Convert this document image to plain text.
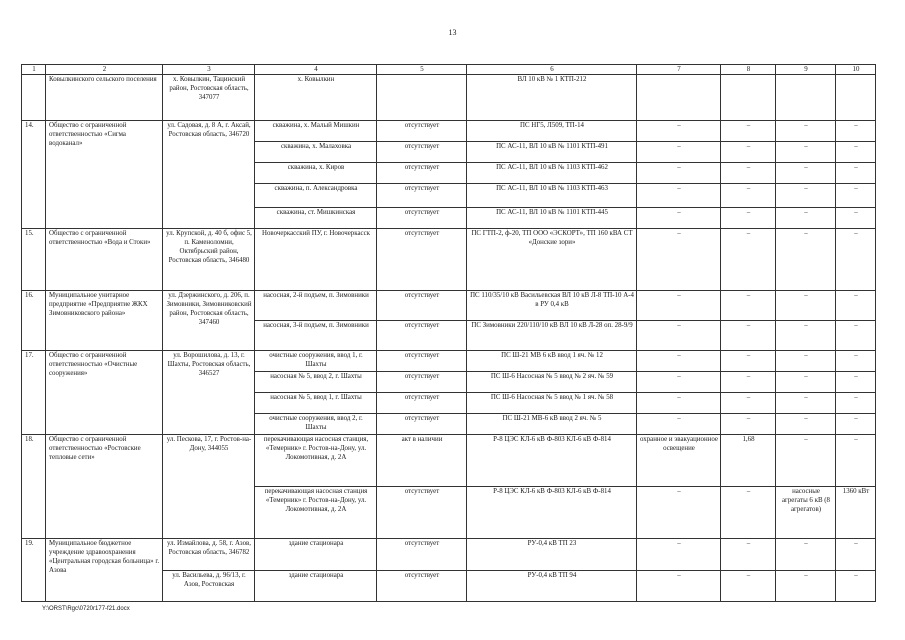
13
1	2	3	4	5	6	7	8	9	10
	Ковылкинского сельского поселения	х. Ковылкин, Тацинский район, Ростовская область, 347077	х. Ковылкин		ВЛ 10 кВ № 1 КТП-212				
14.	Общество с ограниченной ответственностью «Сигма водоканал»	ул. Садовая, д. 8 А, г. Аксай, Ростовская область, 346720	скважина, х. Малый Мишкин	отсутствует	ПС НГ5, Л509, ТП-14	–	–	–	–
			скважина, х. Малаховка	отсутствует	ПС АС-11, ВЛ 10 кВ № 1101 КТП-491	–	–	–	–
			скважина, х. Киров	отсутствует	ПС АС-11, ВЛ 10 кВ № 1103 КТП-462	–	–	–	–
			скважина, п. Александровка	отсутствует	ПС АС-11, ВЛ 10 кВ № 1103 КТП-463	–	–	–	–
			скважина, ст. Мишкинская	отсутствует	ПС АС-11, ВЛ 10 кВ № 1101 КТП-445	–	–	–	–
15.	Общество с ограниченной ответственностью «Вода и Стоки»	ул. Крупской, д. 40 б, офис 5, п. Каменоломни, Октябрьский район, Ростовская область, 346480	Новочеркасский ПУ, г. Новочеркасск	отсутствует	ПС ГТП-2, ф-20, ТП ООО «ЭСКОРТ», ТП 160 кВА СТ «Донские зори»	–	–	–	–
16.	Муниципальное унитарное предприятие «Предприятие ЖКХ Зимовниковского района»	ул. Дзержинского, д. 206, п. Зимовники, Зимовниковский район, Ростовская область, 347460	насосная, 2-й подъем, п. Зимовники	отсутствует	ПС 110/35/10 кВ Васильевская ВЛ 10 кВ Л-8 ТП-10 А-4 в РУ 0,4 кВ	–	–	–	–
			насосная, 3-й подъем, п. Зимовники	отсутствует	ПС Зимовники 220/110/10 кВ ВЛ 10 кВ Л-28 оп. 28-9/9	–	–	–	–
17.	Общество с ограниченной ответственностью «Очистные сооружения»	ул. Ворошилова, д. 13, г. Шахты, Ростовская область, 346527	очистные сооружения, ввод 1, г. Шахты	отсутствует	ПС Ш-21 МВ 6 кВ ввод 1 яч. № 12	–	–	–	–
			насосная № 5, ввод 2, г. Шахты	отсутствует	ПС Ш-6 Насосная № 5 ввод № 2 яч. № 59	–	–	–	–
			насосная № 5, ввод 1, г. Шахты	отсутствует	ПС Ш-6 Насосная № 5 ввод № 1 яч. № 58	–	–	–	–
			очистные сооружения, ввод 2, г. Шахты	отсутствует	ПС Ш-21 МВ-6 кВ ввод 2 яч. № 5	–	–	–	–
18.	Общество с ограниченной ответственностью «Ростовские тепловые сети»	ул. Пескова, 17, г. Ростов-на-Дону, 344055	перекачивающая насосная станция, «Темерник» г. Ростов-на-Дону, ул. Локомотивная, д. 2А	акт в наличии	Р-8 ЦЭС КЛ-6 кВ Ф-803 КЛ-6 кВ Ф-814	охранное и эвакуационное освещение	1,68	–	–
			перекачивающая насосная станция «Темерник» г. Ростов-на-Дону, ул. Локомотивная, д. 2А	отсутствует	Р-8 ЦЭС КЛ-6 кВ Ф-803 КЛ-6 кВ Ф-814	–	–	насосные агрегаты 6 кВ (8 агрегатов)	1360 кВт
19.	Муниципальное бюджетное учреждение здравоохранения «Центральная городская больница» г. Азова	ул. Измайлова, д. 58, г. Азов, Ростовская область, 346782	здание стационара	отсутствует	РУ-0,4 кВ ТП 23	–	–	–	–
		ул. Васильева, д. 96/13, г. Азов, Ростовская	здание стационара	отсутствует	РУ-0,4 кВ ТП 94	–	–	–	–
Y:\ORST\Rgc\0720r177-f21.docx
